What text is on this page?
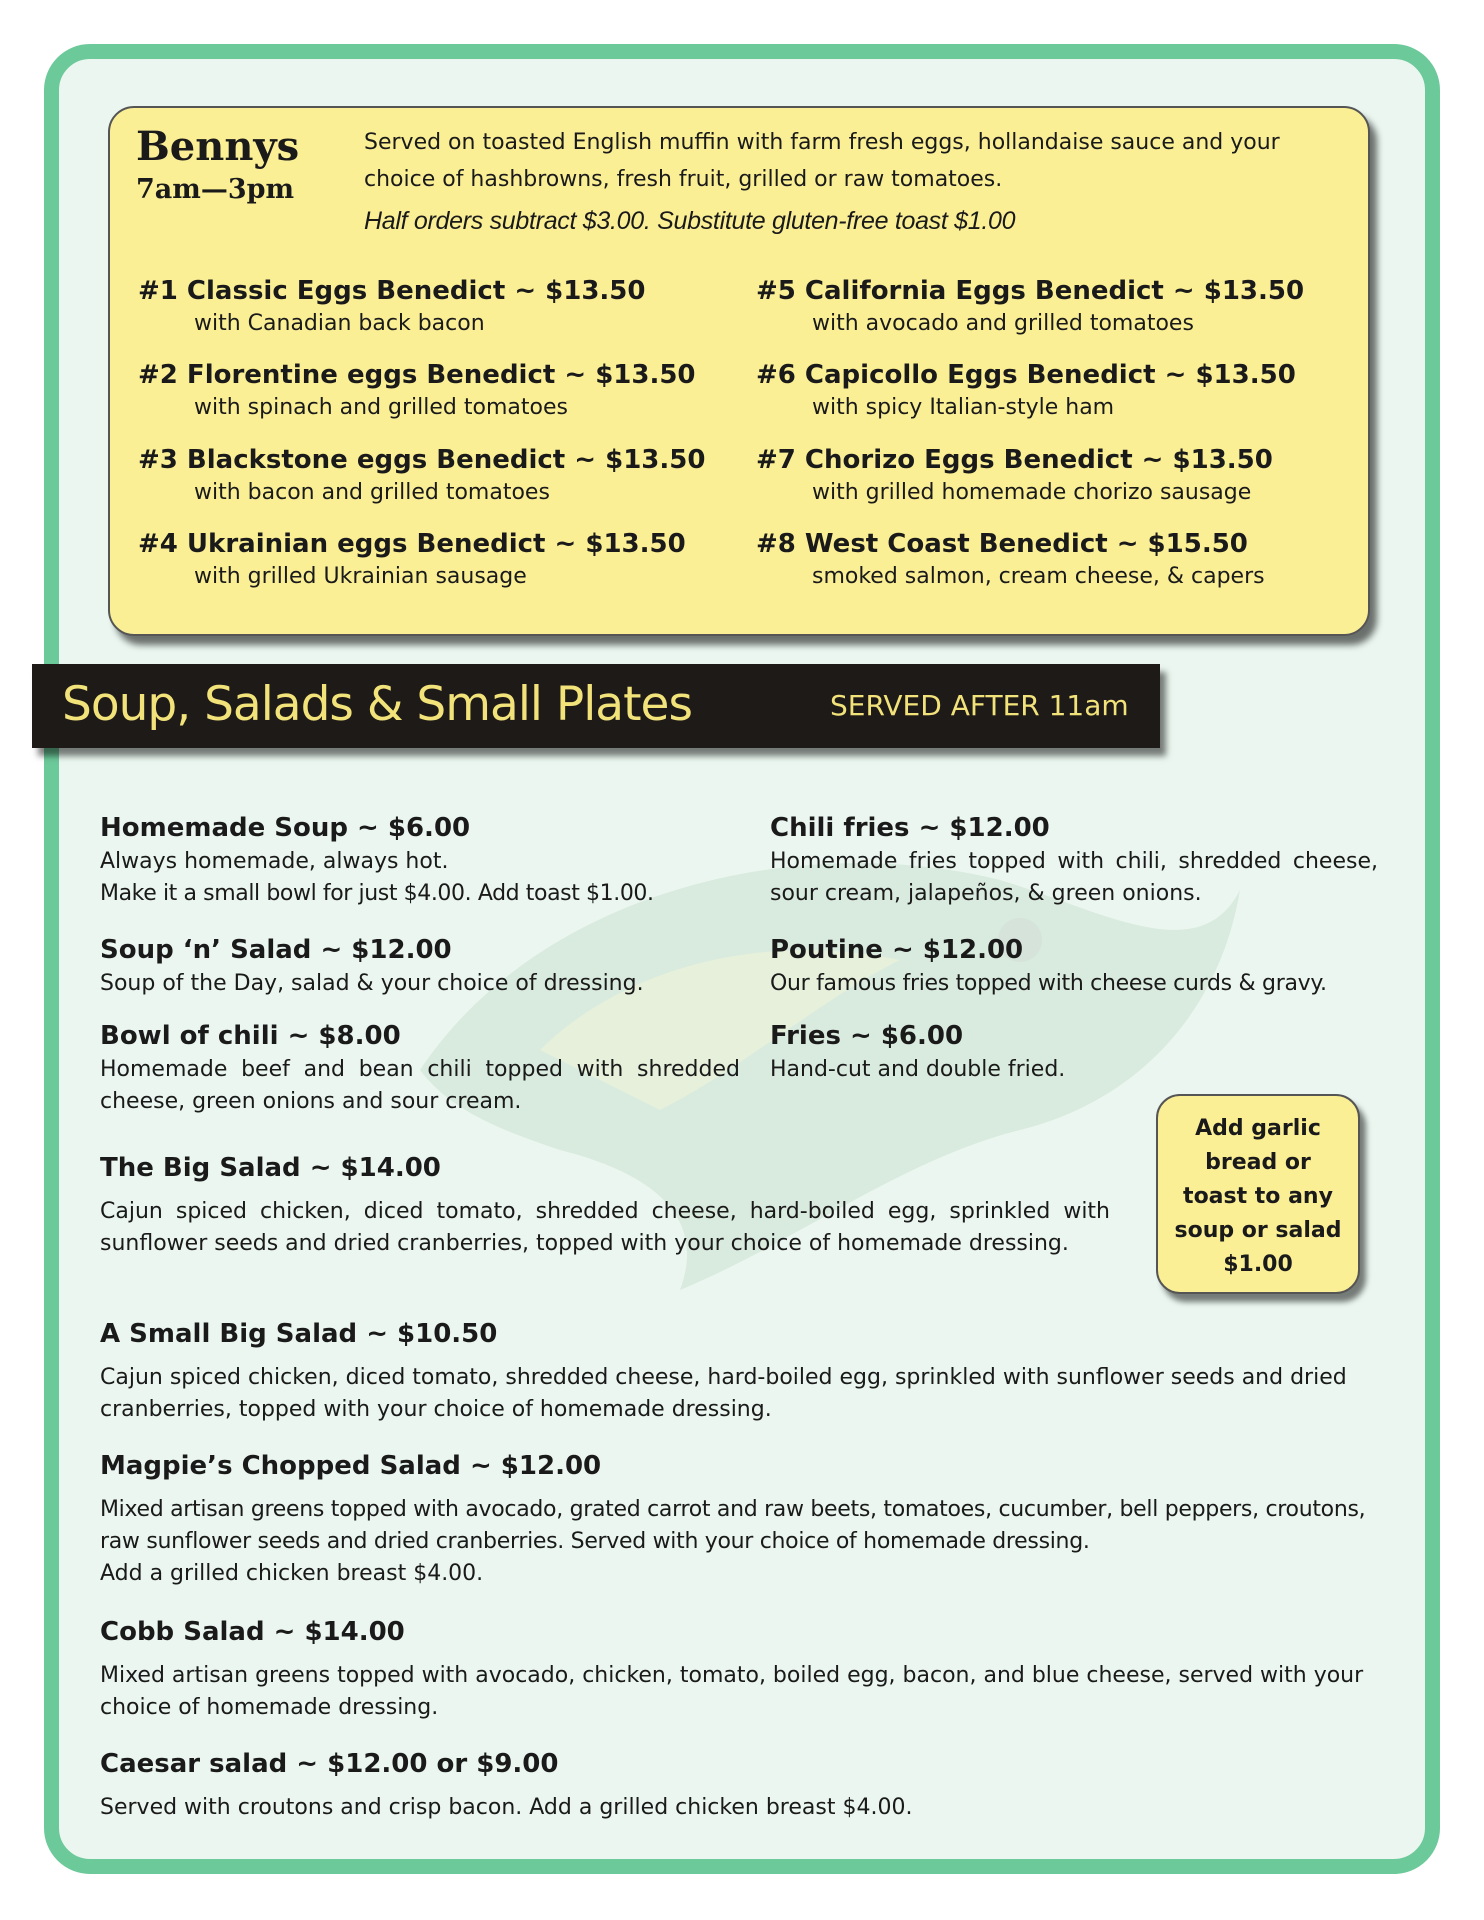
Bennys
7am—3pm
Served on toasted English muffin with farm fresh eggs, hollandaise sauce and your choice of hashbrowns, fresh fruit, grilled or raw tomatoes.
Half orders subtract $3.00. Substitute gluten-free toast $1.00
#1 Classic Eggs Benedict ~ $13.50
with Canadian back bacon
#2 Florentine eggs Benedict ~ $13.50
with spinach and grilled tomatoes
#3 Blackstone eggs Benedict ~ $13.50
with bacon and grilled tomatoes
#4 Ukrainian eggs Benedict ~ $13.50
with grilled Ukrainian sausage
#5 California Eggs Benedict ~ $13.50
with avocado and grilled tomatoes
#6 Capicollo Eggs Benedict ~ $13.50
with spicy Italian-style ham
#7 Chorizo Eggs Benedict ~ $13.50
with grilled homemade chorizo sausage
#8 West Coast Benedict ~ $15.50
smoked salmon, cream cheese, & capers
Soup, Salads & Small Plates	SERVED AFTER 11am
Homemade Soup ~ $6.00
Always homemade, always hot.
Make it a small bowl for just $4.00. Add toast $1.00.
Soup ‘n’ Salad ~ $12.00
Soup of the Day, salad & your choice of dressing.
Bowl of chili ~ $8.00
Homemade beef and bean chili topped with shredded cheese, green onions and sour cream.
Chili fries ~ $12.00
Homemade fries topped with chili, shredded cheese, sour cream, jalapeños, & green onions.
Poutine ~ $12.00
Our famous fries topped with cheese curds & gravy.
Fries ~ $6.00
Hand-cut and double fried.
Add garlic
bread or
toast to any
soup or salad
$1.00
The Big Salad ~ $14.00
Cajun spiced chicken, diced tomato, shredded cheese, hard-boiled egg, sprinkled with sunflower seeds and dried cranberries, topped with your choice of homemade dressing.
A Small Big Salad ~ $10.50
Cajun spiced chicken, diced tomato, shredded cheese, hard-boiled egg, sprinkled with sunflower seeds and dried cranberries, topped with your choice of homemade dressing.
Magpie’s Chopped Salad ~ $12.00
Mixed artisan greens topped with avocado, grated carrot and raw beets, tomatoes, cucumber, bell peppers, croutons, raw sunflower seeds and dried cranberries. Served with your choice of homemade dressing.
Add a grilled chicken breast $4.00.
Cobb Salad ~ $14.00
Mixed artisan greens topped with avocado, chicken, tomato, boiled egg, bacon, and blue cheese, served with your choice of homemade dressing.
Caesar salad ~ $12.00 or $9.00
Served with croutons and crisp bacon. Add a grilled chicken breast $4.00.
